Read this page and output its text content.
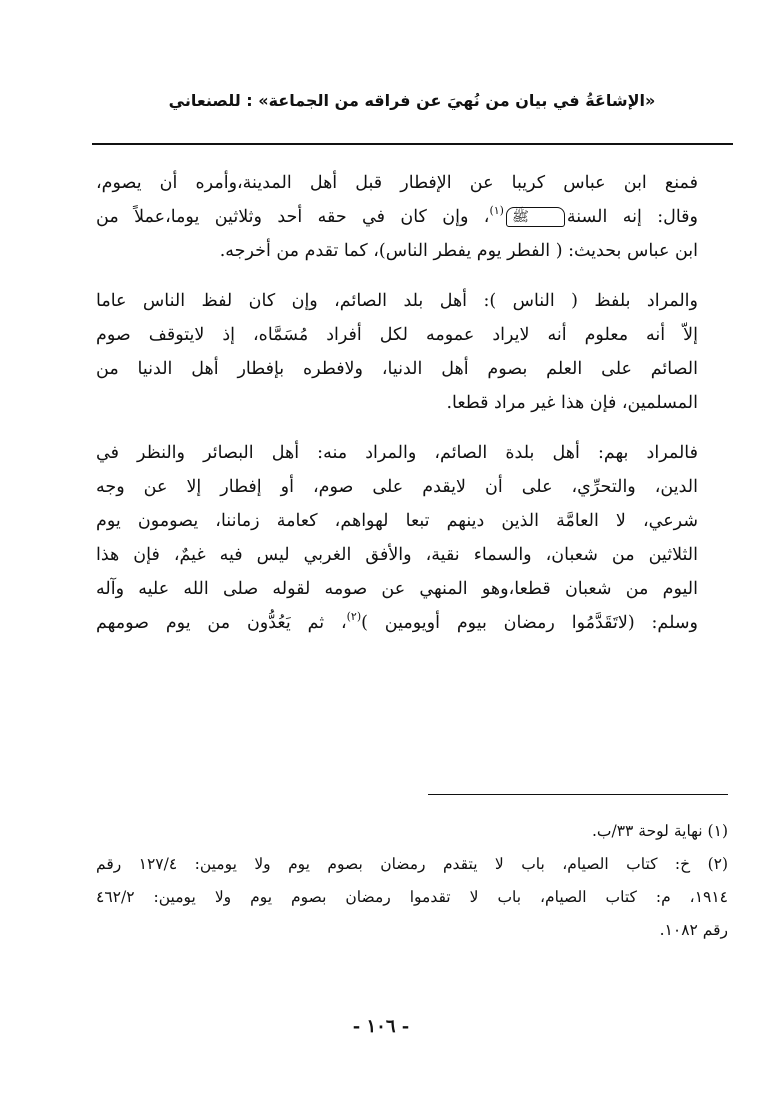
«الإشاعَةُ في بيان من نُهيَ عن فراقه من الجماعة» : للصنعاني
فمنع ابن عباس كريبا عن الإفطار قبل أهل المدينة،وأمره أن يصوم،
وقال: إنه السنةﷺ$^{(١)}$، وإن كان في حقه أحد وثلاثين يوما،عملاً من
ابن عباس بحديث: ( الفطر يوم يفطر الناس)، كما تقدم من أخرجه.
والمراد بلفظ ( الناس ): أهل بلد الصائم، وإن كان لفظ الناس عاما
إلاّ أنه معلوم أنه لايراد عمومه لكل أفراد مُسَمَّاه، إذ لايتوقف صوم
الصائم على العلم بصوم أهل الدنيا، ولافطره بإفطار أهل الدنيا من
المسلمين، فإن هذا غير مراد قطعا.
فالمراد بهم: أهل بلدة الصائم، والمراد منه: أهل البصائر والنظر في
الدين، والتحرِّي، على أن لايقدم على صوم، أو إفطار إلا عن وجه
شرعي، لا العامَّة الذين دينهم تبعا لهواهم، كعامة زماننا، يصومون يوم
الثلاثين من شعبان، والسماء نقية، والأفق الغربي ليس فيه غيمٌ، فإن هذا
اليوم من شعبان قطعا،وهو المنهي عن صومه لقوله صلى الله عليه وآله
وسلم: (لاتَقَدَّمُوا رمضان بيوم أويومين )$^{(٢)}$، ثم يَعُدُّون من يوم صومهم
(١) نهاية لوحة ٣٣/ب.
(٢) خ: كتاب الصيام، باب لا يتقدم رمضان بصوم يوم ولا يومين: ١٢٧/٤ رقم
١٩١٤، م: كتاب الصيام، باب لا تقدموا رمضان بصوم يوم ولا يومين: ٤٦٢/٢
رقم ١٠٨٢.
- ١٠٦ -
